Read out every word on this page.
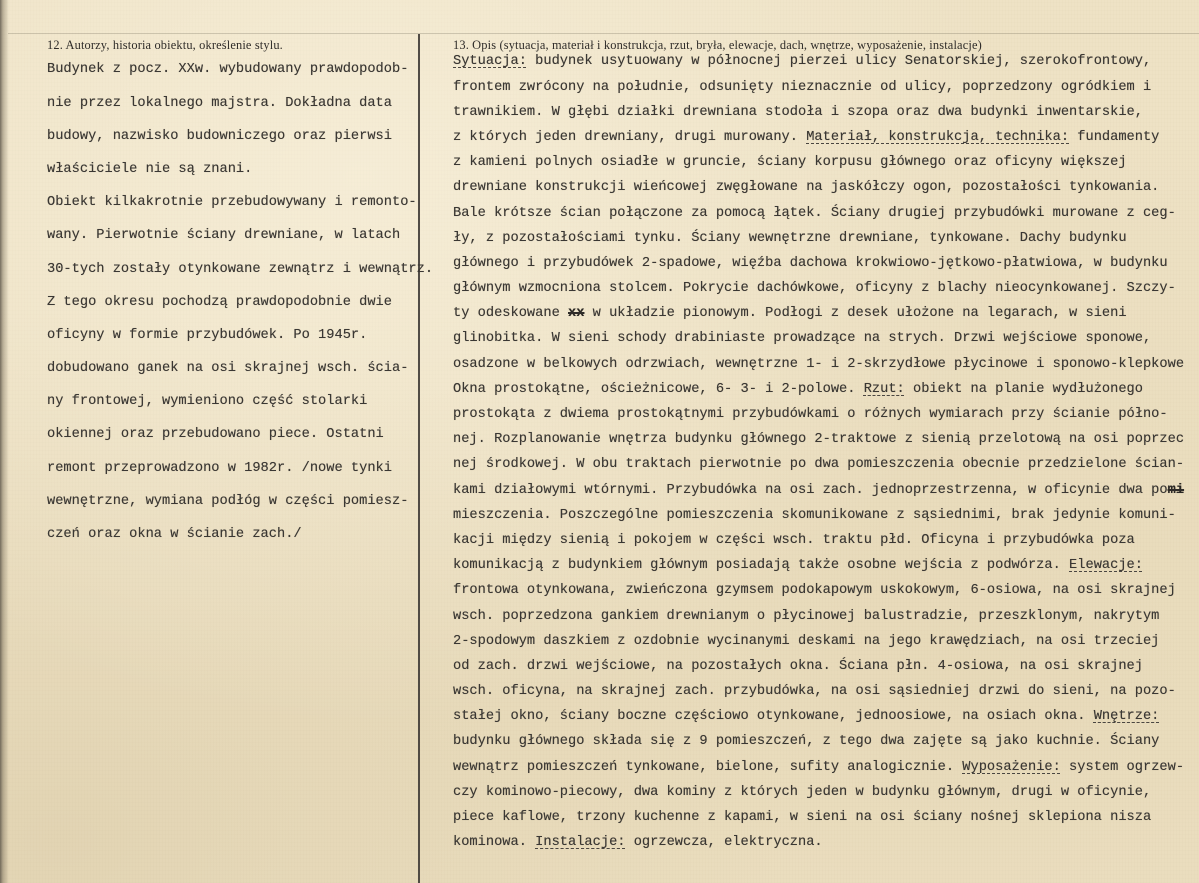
12. Autorzy, historia obiektu, określenie stylu.	13. Opis (sytuacja, materiał i konstrukcja, rzut, bryła, elewacje, dach, wnętrze, wyposażenie, instalacje)
Budynek z pocz. XXw. wybudowany prawdopodob-
nie przez lokalnego majstra. Dokładna data
budowy, nazwisko budowniczego oraz pierwsi
właściciele nie są znani.
Obiekt kilkakrotnie przebudowywany i remonto-
wany. Pierwotnie ściany drewniane, w latach
30-tych zostały otynkowane zewnątrz i wewnątrz.
Z tego okresu pochodzą prawdopodobnie dwie
oficyny w formie przybudówek. Po 1945r.
dobudowano ganek na osi skrajnej wsch. ścia-
ny frontowej, wymieniono część stolarki
okiennej oraz przebudowano piece. Ostatni
remont przeprowadzono w 1982r. /nowe tynki
wewnętrzne, wymiana podłóg w części pomiesz-
czeń oraz okna w ścianie zach./
Sytuacja: budynek usytuowany w północnej pierzei ulicy Senatorskiej, szerokofrontowy,
frontem zwrócony na południe, odsunięty nieznacznie od ulicy, poprzedzony ogródkiem i
trawnikiem. W głębi działki drewniana stodoła i szopa oraz dwa budynki inwentarskie,
z których jeden drewniany, drugi murowany. Materiał, konstrukcja, technika: fundamenty
z kamieni polnych osiadłe w gruncie, ściany korpusu głównego oraz oficyny większej
drewniane konstrukcji wieńcowej zwęgłowane na jaskółczy ogon, pozostałości tynkowania.
Bale krótsze ścian połączone za pomocą łątek. Ściany drugiej przybudówki murowane z ceg-
ły, z pozostałościami tynku. Ściany wewnętrzne drewniane, tynkowane. Dachy budynku
głównego i przybudówek 2-spadowe, więźba dachowa krokwiowo-jętkowo-płatwiowa, w budynku
głównym wzmocniona stolcem. Pokrycie dachówkowe, oficyny z blachy nieocynkowanej. Szczy-
ty odeskowane xx w układzie pionowym. Podłogi z desek ułożone na legarach, w sieni
glinobitka. W sieni schody drabiniaste prowadzące na strych. Drzwi wejściowe sponowe,
osadzone w belkowych odrzwiach, wewnętrzne 1- i 2-skrzydłowe płycinowe i sponowo-klepkowe
Okna prostokątne, ościeżnicowe, 6- 3- i 2-polowe. Rzut: obiekt na planie wydłużonego
prostokąta z dwiema prostokątnymi przybudówkami o różnych wymiarach przy ścianie półno-
nej. Rozplanowanie wnętrza budynku głównego 2-traktowe z sienią przelotową na osi poprzec
nej środkowej. W obu traktach pierwotnie po dwa pomieszczenia obecnie przedzielone ścian-
kami działowymi wtórnymi. Przybudówka na osi zach. jednoprzestrzenna, w oficynie dwa pomi
mieszczenia. Poszczególne pomieszczenia skomunikowane z sąsiednimi, brak jedynie komuni-
kacji między sienią i pokojem w części wsch. traktu płd. Oficyna i przybudówka poza
komunikacją z budynkiem głównym posiadają także osobne wejścia z podwórza. Elewacje:
frontowa otynkowana, zwieńczona gzymsem podokapowym uskokowym, 6-osiowa, na osi skrajnej
wsch. poprzedzona gankiem drewnianym o płycinowej balustradzie, przeszklonym, nakrytym
2-spodowym daszkiem z ozdobnie wycinanymi deskami na jego krawędziach, na osi trzeciej
od zach. drzwi wejściowe, na pozostałych okna. Ściana płn. 4-osiowa, na osi skrajnej
wsch. oficyna, na skrajnej zach. przybudówka, na osi sąsiedniej drzwi do sieni, na pozo-
stałej okno, ściany boczne częściowo otynkowane, jednoosiowe, na osiach okna. Wnętrze:
budynku głównego składa się z 9 pomieszczeń, z tego dwa zajęte są jako kuchnie. Ściany
wewnątrz pomieszczeń tynkowane, bielone, sufity analogicznie. Wyposażenie: system ogrzew-
czy kominowo-piecowy, dwa kominy z których jeden w budynku głównym, drugi w oficynie,
piece kaflowe, trzony kuchenne z kapami, w sieni na osi ściany nośnej sklepiona nisza
kominowa. Instalacje: ogrzewcza, elektryczna.
